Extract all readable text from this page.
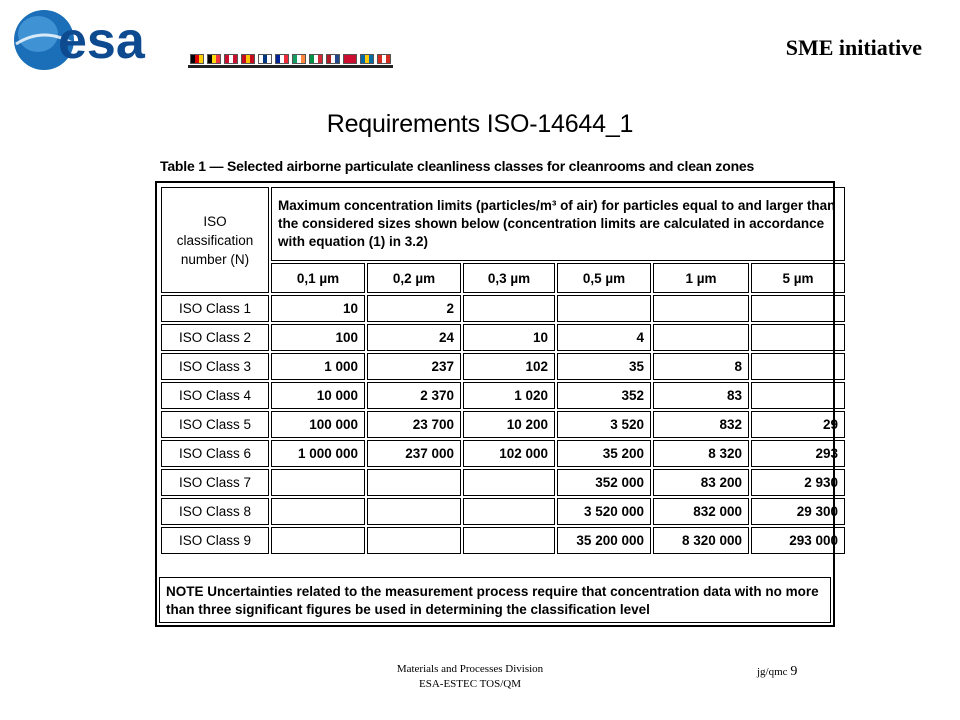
esa	SME initiative
Requirements ISO-14644_1
Table 1 — Selected airborne particulate cleanliness classes for cleanrooms and clean zones
ISO
classification
number (N)	Maximum concentration limits (particles/m³ of air) for particles equal to and larger than the considered sizes shown below (concentration limits are calculated in accordance with equation (1) in 3.2)					
	0,1 µm	0,2 µm	0,3 µm	0,5 µm	1 µm	5 µm
ISO Class 1	10	2				
ISO Class 2	100	24	10	4		
ISO Class 3	1 000	237	102	35	8	
ISO Class 4	10 000	2 370	1 020	352	83	
ISO Class 5	100 000	23 700	10 200	3 520	832	29
ISO Class 6	1 000 000	237 000	102 000	35 200	8 320	293
ISO Class 7				352 000	83 200	2 930
ISO Class 8				3 520 000	832 000	29 300
ISO Class 9				35 200 000	8 320 000	293 000
NOTE Uncertainties related to the measurement process require that concentration data with no more than three significant figures be used in determining the classification level
Materials and Processes Division
ESA-ESTEC TOS/QM
jg/qmc 9
